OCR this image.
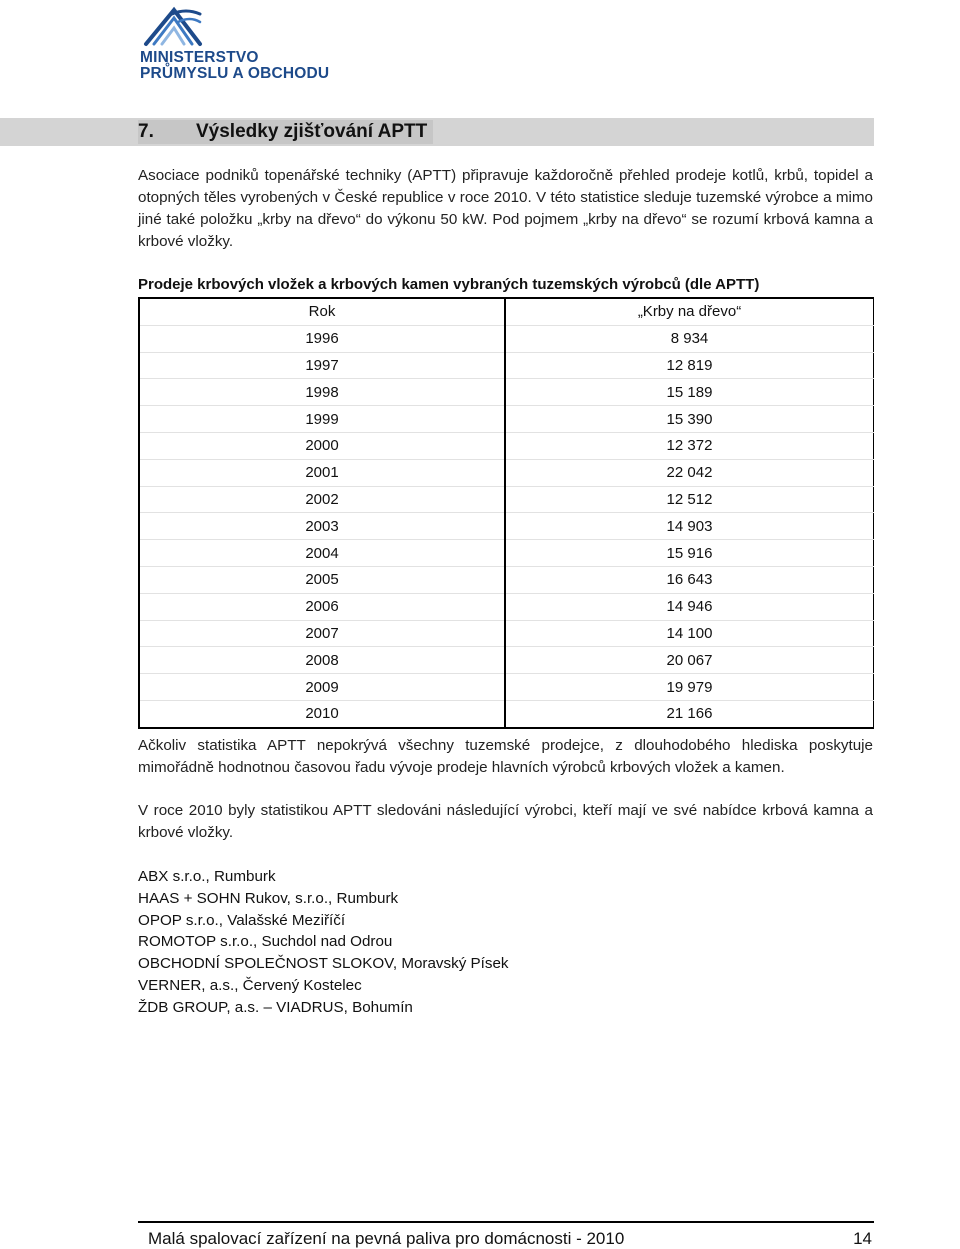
MINISTERSTVO
PRŮMYSLU A OBCHODU
7. Výsledky zjišťování APTT
Asociace podniků topenářské techniky (APTT) připravuje každoročně přehled prodeje kotlů, krbů, topidel a otopných těles vyrobených v České republice v roce 2010. V této statistice sleduje tuzemské výrobce a mimo jiné také položku „krby na dřevo“ do výkonu 50 kW. Pod pojmem „krby na dřevo“ se rozumí krbová kamna a krbové vložky.
Prodeje krbových vložek a krbových kamen vybraných tuzemských výrobců (dle APTT)
Rok	„Krby na dřevo“
1996	8 934
1997	12 819
1998	15 189
1999	15 390
2000	12 372
2001	22 042
2002	12 512
2003	14 903
2004	15 916
2005	16 643
2006	14 946
2007	14 100
2008	20 067
2009	19 979
2010	21 166
Ačkoliv statistika APTT nepokrývá všechny tuzemské prodejce, z dlouhodobého hlediska poskytuje mimořádně hodnotnou časovou řadu vývoje prodeje hlavních výrobců krbových vložek a kamen.
V roce 2010 byly statistikou APTT sledováni následující výrobci, kteří mají ve své nabídce krbová kamna a krbové vložky.
ABX s.r.o., Rumburk
HAAS + SOHN Rukov, s.r.o., Rumburk
OPOP s.r.o., Valašské Meziříčí
ROMOTOP s.r.o., Suchdol nad Odrou
OBCHODNÍ SPOLEČNOST SLOKOV, Moravský Písek
VERNER, a.s., Červený Kostelec
ŽDB GROUP, a.s. – VIADRUS, Bohumín
Malá spalovací zařízení na pevná paliva pro domácnosti - 2010	14
